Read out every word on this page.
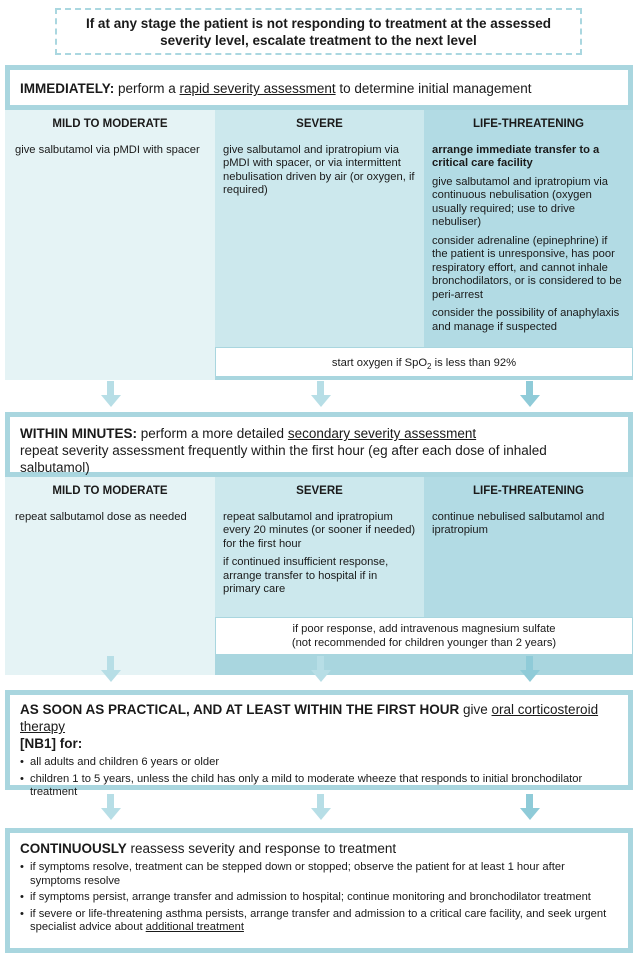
If at any stage the patient is not responding to treatment at the assessed
severity level, escalate treatment to the next level
IMMEDIATELY: perform a rapid severity assessment to determine initial management
MILD TO MODERATE

give salbutamol via pMDI with spacer

SEVERE

give salbutamol and ipratropium via pMDI with spacer, or via intermittent nebulisation driven by air (or oxygen, if required)

LIFE-THREATENING

arrange immediate transfer to a critical care facility

give salbutamol and ipratropium via continuous nebulisation (oxygen usually required; use to drive nebuliser)

consider adrenaline (epinephrine) if the patient is unresponsive, has poor respiratory effort, and cannot inhale bronchodilators, or is considered to be peri-arrest

consider the possibility of anaphylaxis and manage if suspected

start oxygen if SpO$_2$ is less than 92%
WITHIN MINUTES: perform a more detailed secondary severity assessment
repeat severity assessment frequently within the first hour (eg after each dose of inhaled salbutamol)
MILD TO MODERATE

repeat salbutamol dose as needed

SEVERE

repeat salbutamol and ipratropium every 20 minutes (or sooner if needed) for the first hour

if continued insufficient response, arrange transfer to hospital if in primary care

LIFE-THREATENING

continue nebulised salbutamol and ipratropium

if poor response, add intravenous magnesium sulfate
(not recommended for children younger than 2 years)
AS SOON AS PRACTICAL, AND AT LEAST WITHIN THE FIRST HOUR give oral corticosteroid therapy
[NB1] for:
• all adults and children 6 years or older
• children 1 to 5 years, unless the child has only a mild to moderate wheeze that responds to initial bronchodilator treatment
CONTINUOUSLY reassess severity and response to treatment
• if symptoms resolve, treatment can be stepped down or stopped; observe the patient for at least 1 hour after symptoms resolve
• if symptoms persist, arrange transfer and admission to hospital; continue monitoring and bronchodilator treatment
• if severe or life-threatening asthma persists, arrange transfer and admission to a critical care facility, and seek urgent specialist advice about additional treatment
